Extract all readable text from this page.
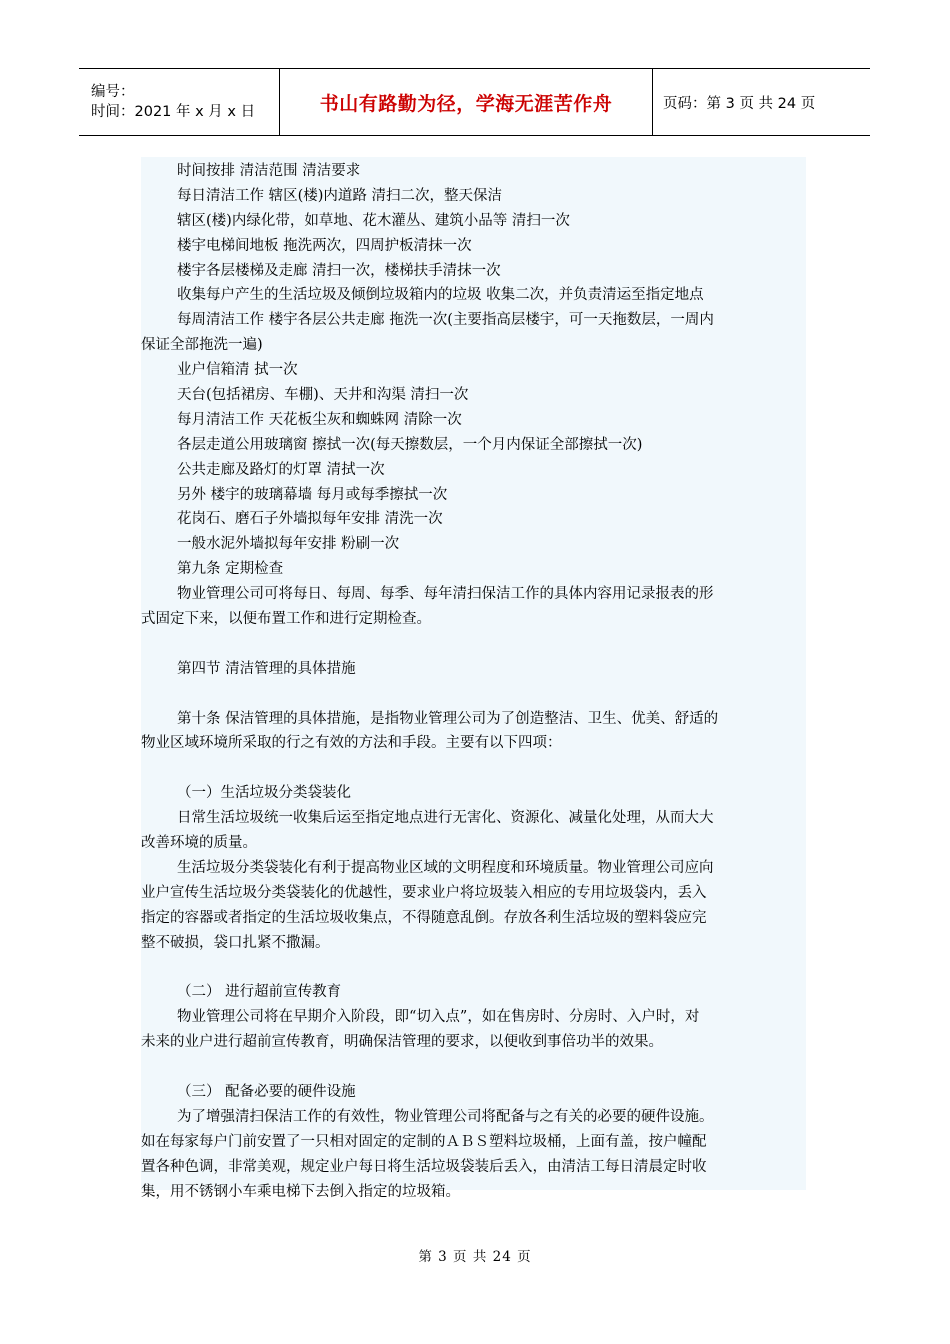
编号：
时间：2021 年 x 月 x 日	书山有路勤为径，学海无涯苦作舟	页码：第 3 页 共 24 页
时间按排 清洁范围 清洁要求
每日清洁工作 辖区(楼)内道路 清扫二次，整天保洁
辖区(楼)内绿化带，如草地、花木灌丛、建筑小品等 清扫一次
楼宇电梯间地板 拖洗两次，四周护板清抹一次
楼宇各层楼梯及走廊 清扫一次，楼梯扶手清抹一次
收集每户产生的生活垃圾及倾倒垃圾箱内的垃圾 收集二次，并负责清运至指定地点
每周清洁工作 楼宇各层公共走廊 拖洗一次(主要指高层楼宇，可一天拖数层，一周内
保证全部拖洗一遍)
业户信箱清 拭一次
天台(包括裙房、车棚)、天井和沟渠 清扫一次
每月清洁工作 天花板尘灰和蜘蛛网 清除一次
各层走道公用玻璃窗 擦拭一次(每天擦数层，一个月内保证全部擦拭一次)
公共走廊及路灯的灯罩 清拭一次
另外 楼宇的玻璃幕墙 每月或每季擦拭一次
花岗石、磨石子外墙拟每年安排 清洗一次
一般水泥外墙拟每年安排 粉刷一次
第九条 定期检查
物业管理公司可将每日、每周、每季、每年清扫保洁工作的具体内容用记录报表的形
式固定下来，以便布置工作和进行定期检查。
第四节 清洁管理的具体措施
第十条 保洁管理的具体措施，是指物业管理公司为了创造整洁、卫生、优美、舒适的
物业区域环境所采取的行之有效的方法和手段。主要有以下四项：
（一）生活垃圾分类袋装化
日常生活垃圾统一收集后运至指定地点进行无害化、资源化、减量化处理，从而大大
改善环境的质量。
生活垃圾分类袋装化有利于提高物业区域的文明程度和环境质量。物业管理公司应向
业户宣传生活垃圾分类袋装化的优越性，要求业户将垃圾装入相应的专用垃圾袋内，丢入
指定的容器或者指定的生活垃圾收集点，不得随意乱倒。存放各利生活垃圾的塑料袋应完
整不破损，袋口扎紧不撒漏。
（二） 进行超前宣传教育
物业管理公司将在早期介入阶段，即“切入点”，如在售房时、分房时、入户时，对
未来的业户进行超前宣传教育，明确保洁管理的要求，以便收到事倍功半的效果。
（三） 配备必要的硬件设施
为了增强清扫保洁工作的有效性，物业管理公司将配备与之有关的必要的硬件设施。
如在每家每户门前安置了一只相对固定的定制的ＡＢＳ塑料垃圾桶，上面有盖，按户幢配
置各种色调，非常美观，规定业户每日将生活垃圾袋装后丢入，由清洁工每日清晨定时收
集，用不锈钢小车乘电梯下去倒入指定的垃圾箱。
第 3 页 共 24 页
